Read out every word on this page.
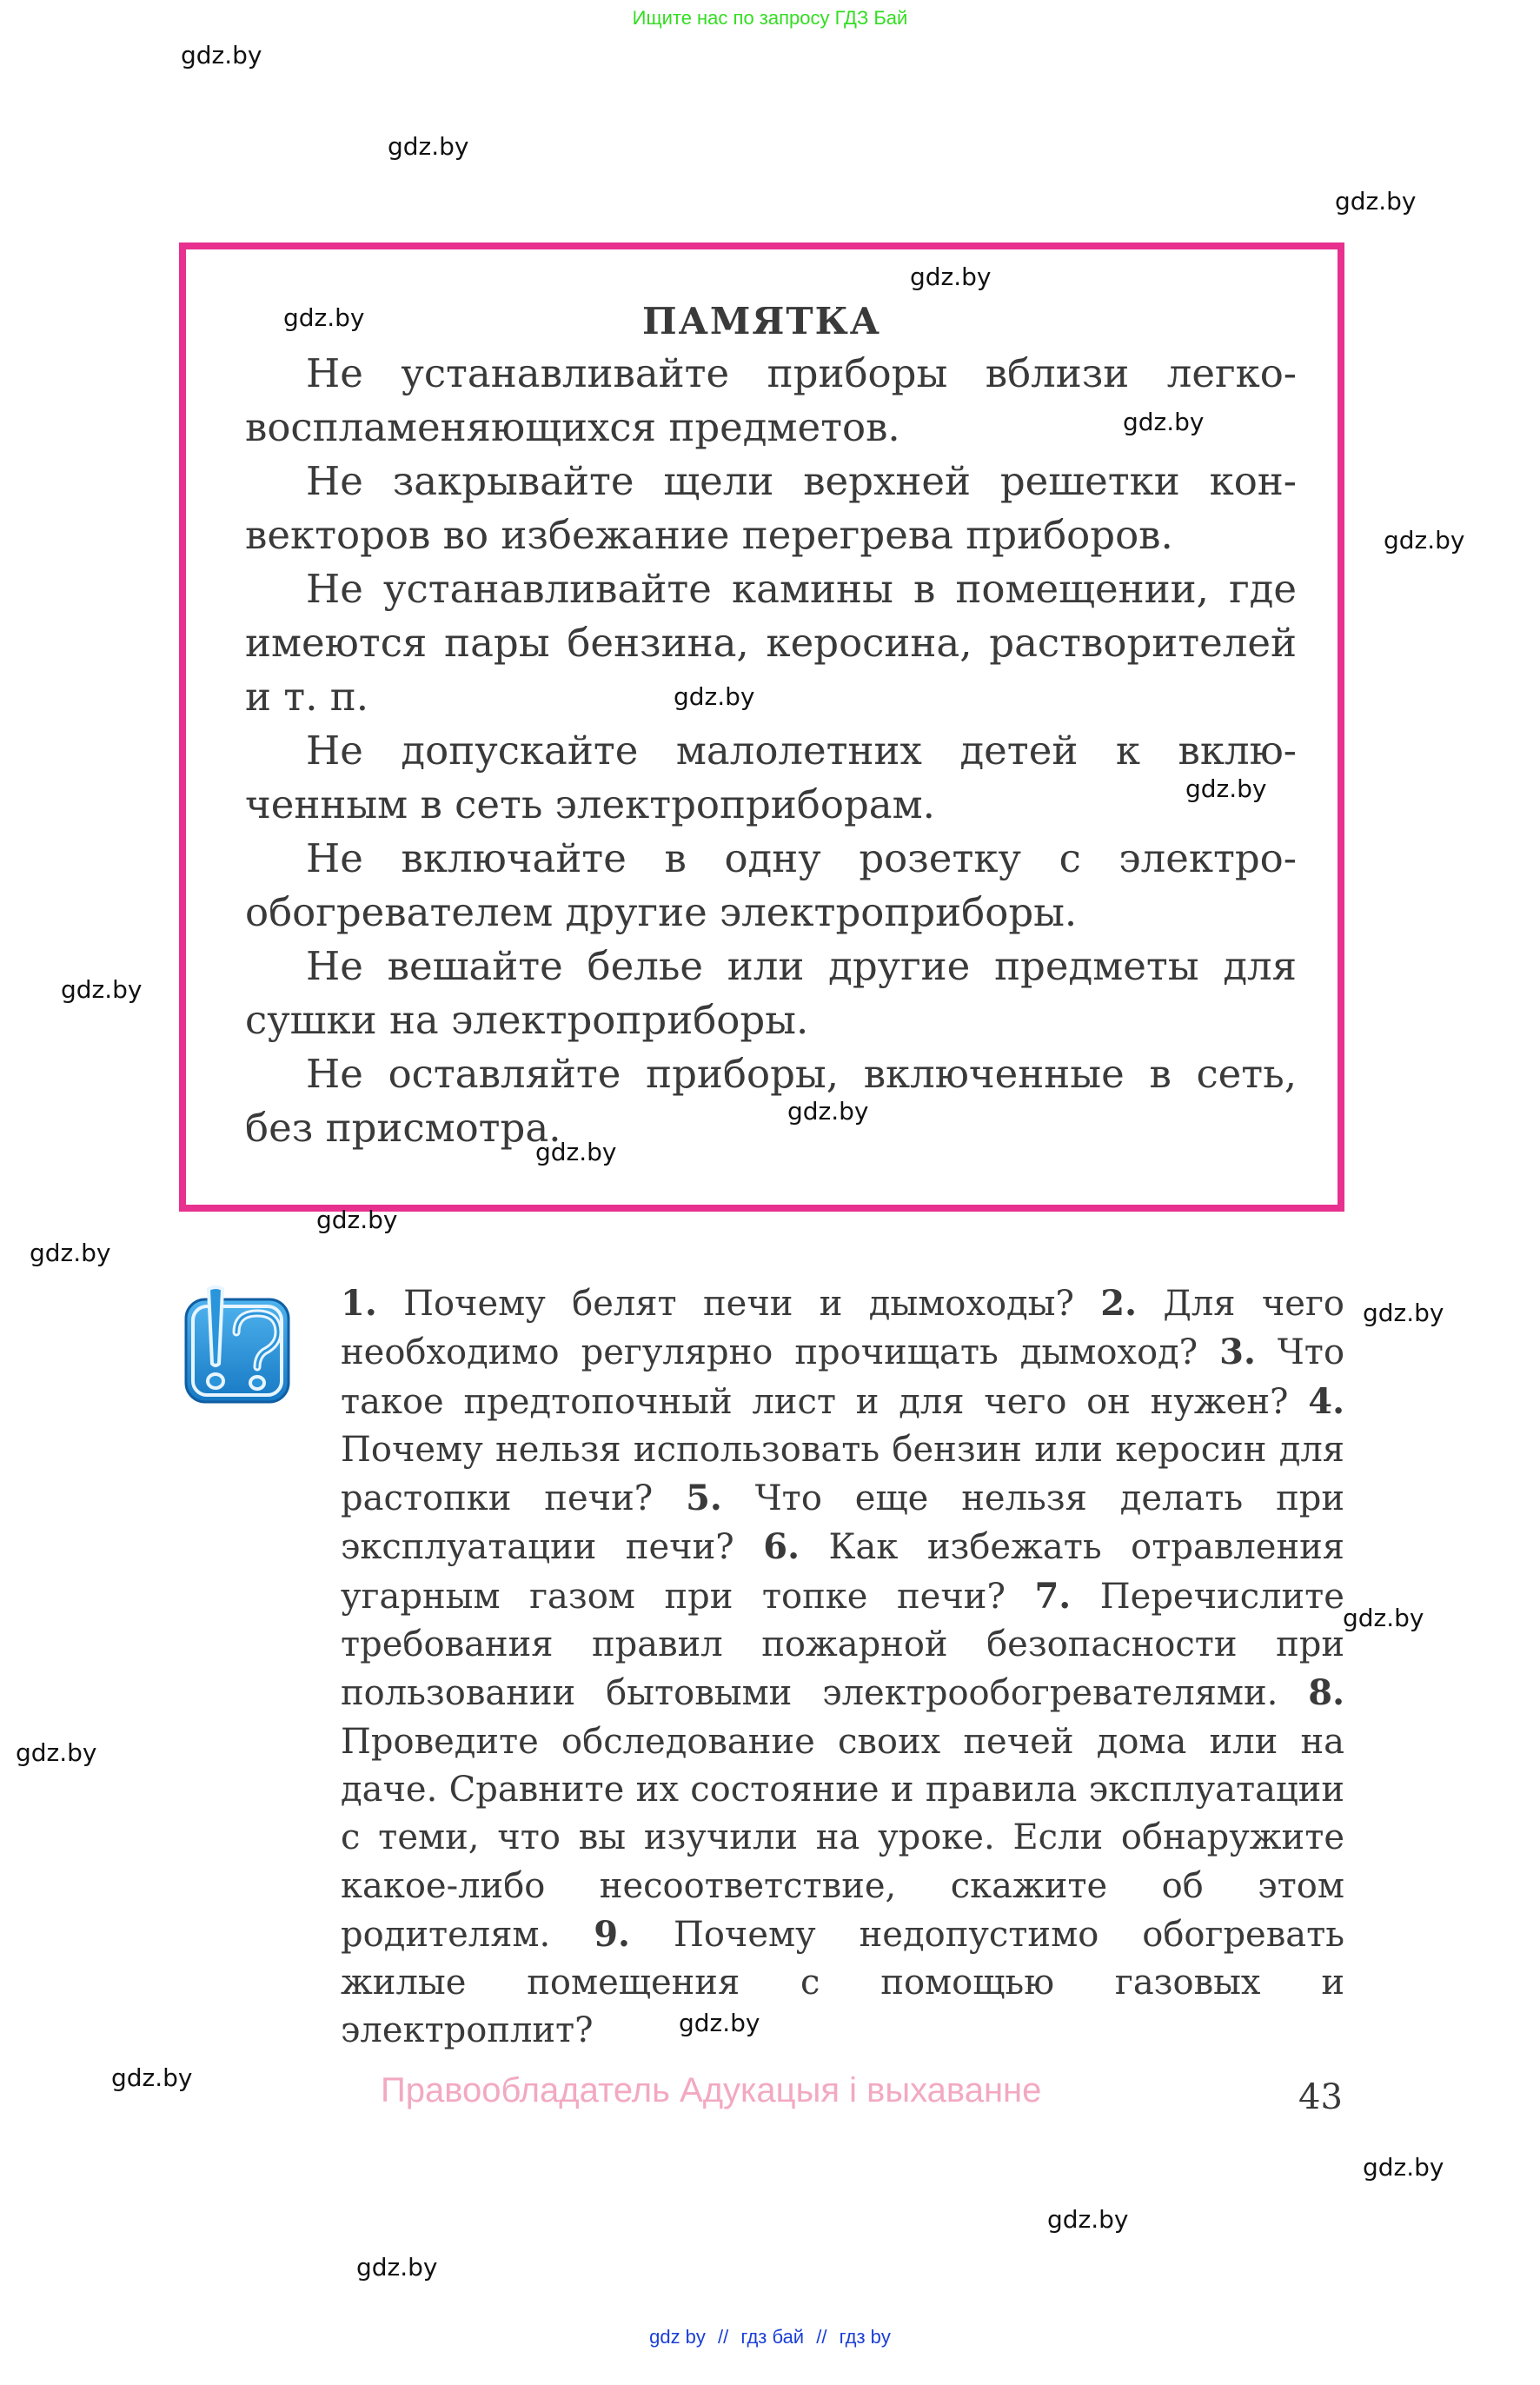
Ищите нас по запросу ГДЗ Бай
ПАМЯТКА

Не устанавливайте приборы вблизи легковоспламеняющихся предметов.

Не закрывайте щели верхней решетки конвекторов во избежание перегрева приборов.

Не устанавливайте камины в помещении, где имеются пары бензина, керосина, растворителей и т. п.

Не допускайте малолетних детей к включенным в сеть электроприборам.

Не включайте в одну розетку с электрообогревателем другие электроприборы.

Не вешайте белье или другие предметы для сушки на электроприборы.

Не оставляйте приборы, включенные в сеть, без присмотра.

1. Почему белят печи и дымоходы? 2. Для чего необходимо регулярно прочищать дымоход? 3. Что такое предтопочный лист и для чего он нужен? 4. Почему нельзя использовать бензин или керосин для растопки печи? 5. Что еще нельзя делать при эксплуатации печи? 6. Как избежать отравления угарным газом при топке печи? 7. Перечислите требования правил пожарной безопасности при пользовании бытовыми электрообогревателями. 8. Проведите обследование своих печей дома или на даче. Сравните их состояние и правила эксплуатации с теми, что вы изучили на уроке. Если обнаружите какое-либо несоответствие, скажите об этом родителям. 9. Почему недопустимо обогревать жилые помещения с помощью газовых и электроплит?

Правообладатель Адукацыя і выхаванне	43
gdz by // гдз бай // гдз by
gdz.by
gdz.by
gdz.by
gdz.by
gdz.by
gdz.by
gdz.by
gdz.by
gdz.by
gdz.by
gdz.by
gdz.by
gdz.by
gdz.by
gdz.by
gdz.by
gdz.by
gdz.by
gdz.by
gdz.by
gdz.by
gdz.by
